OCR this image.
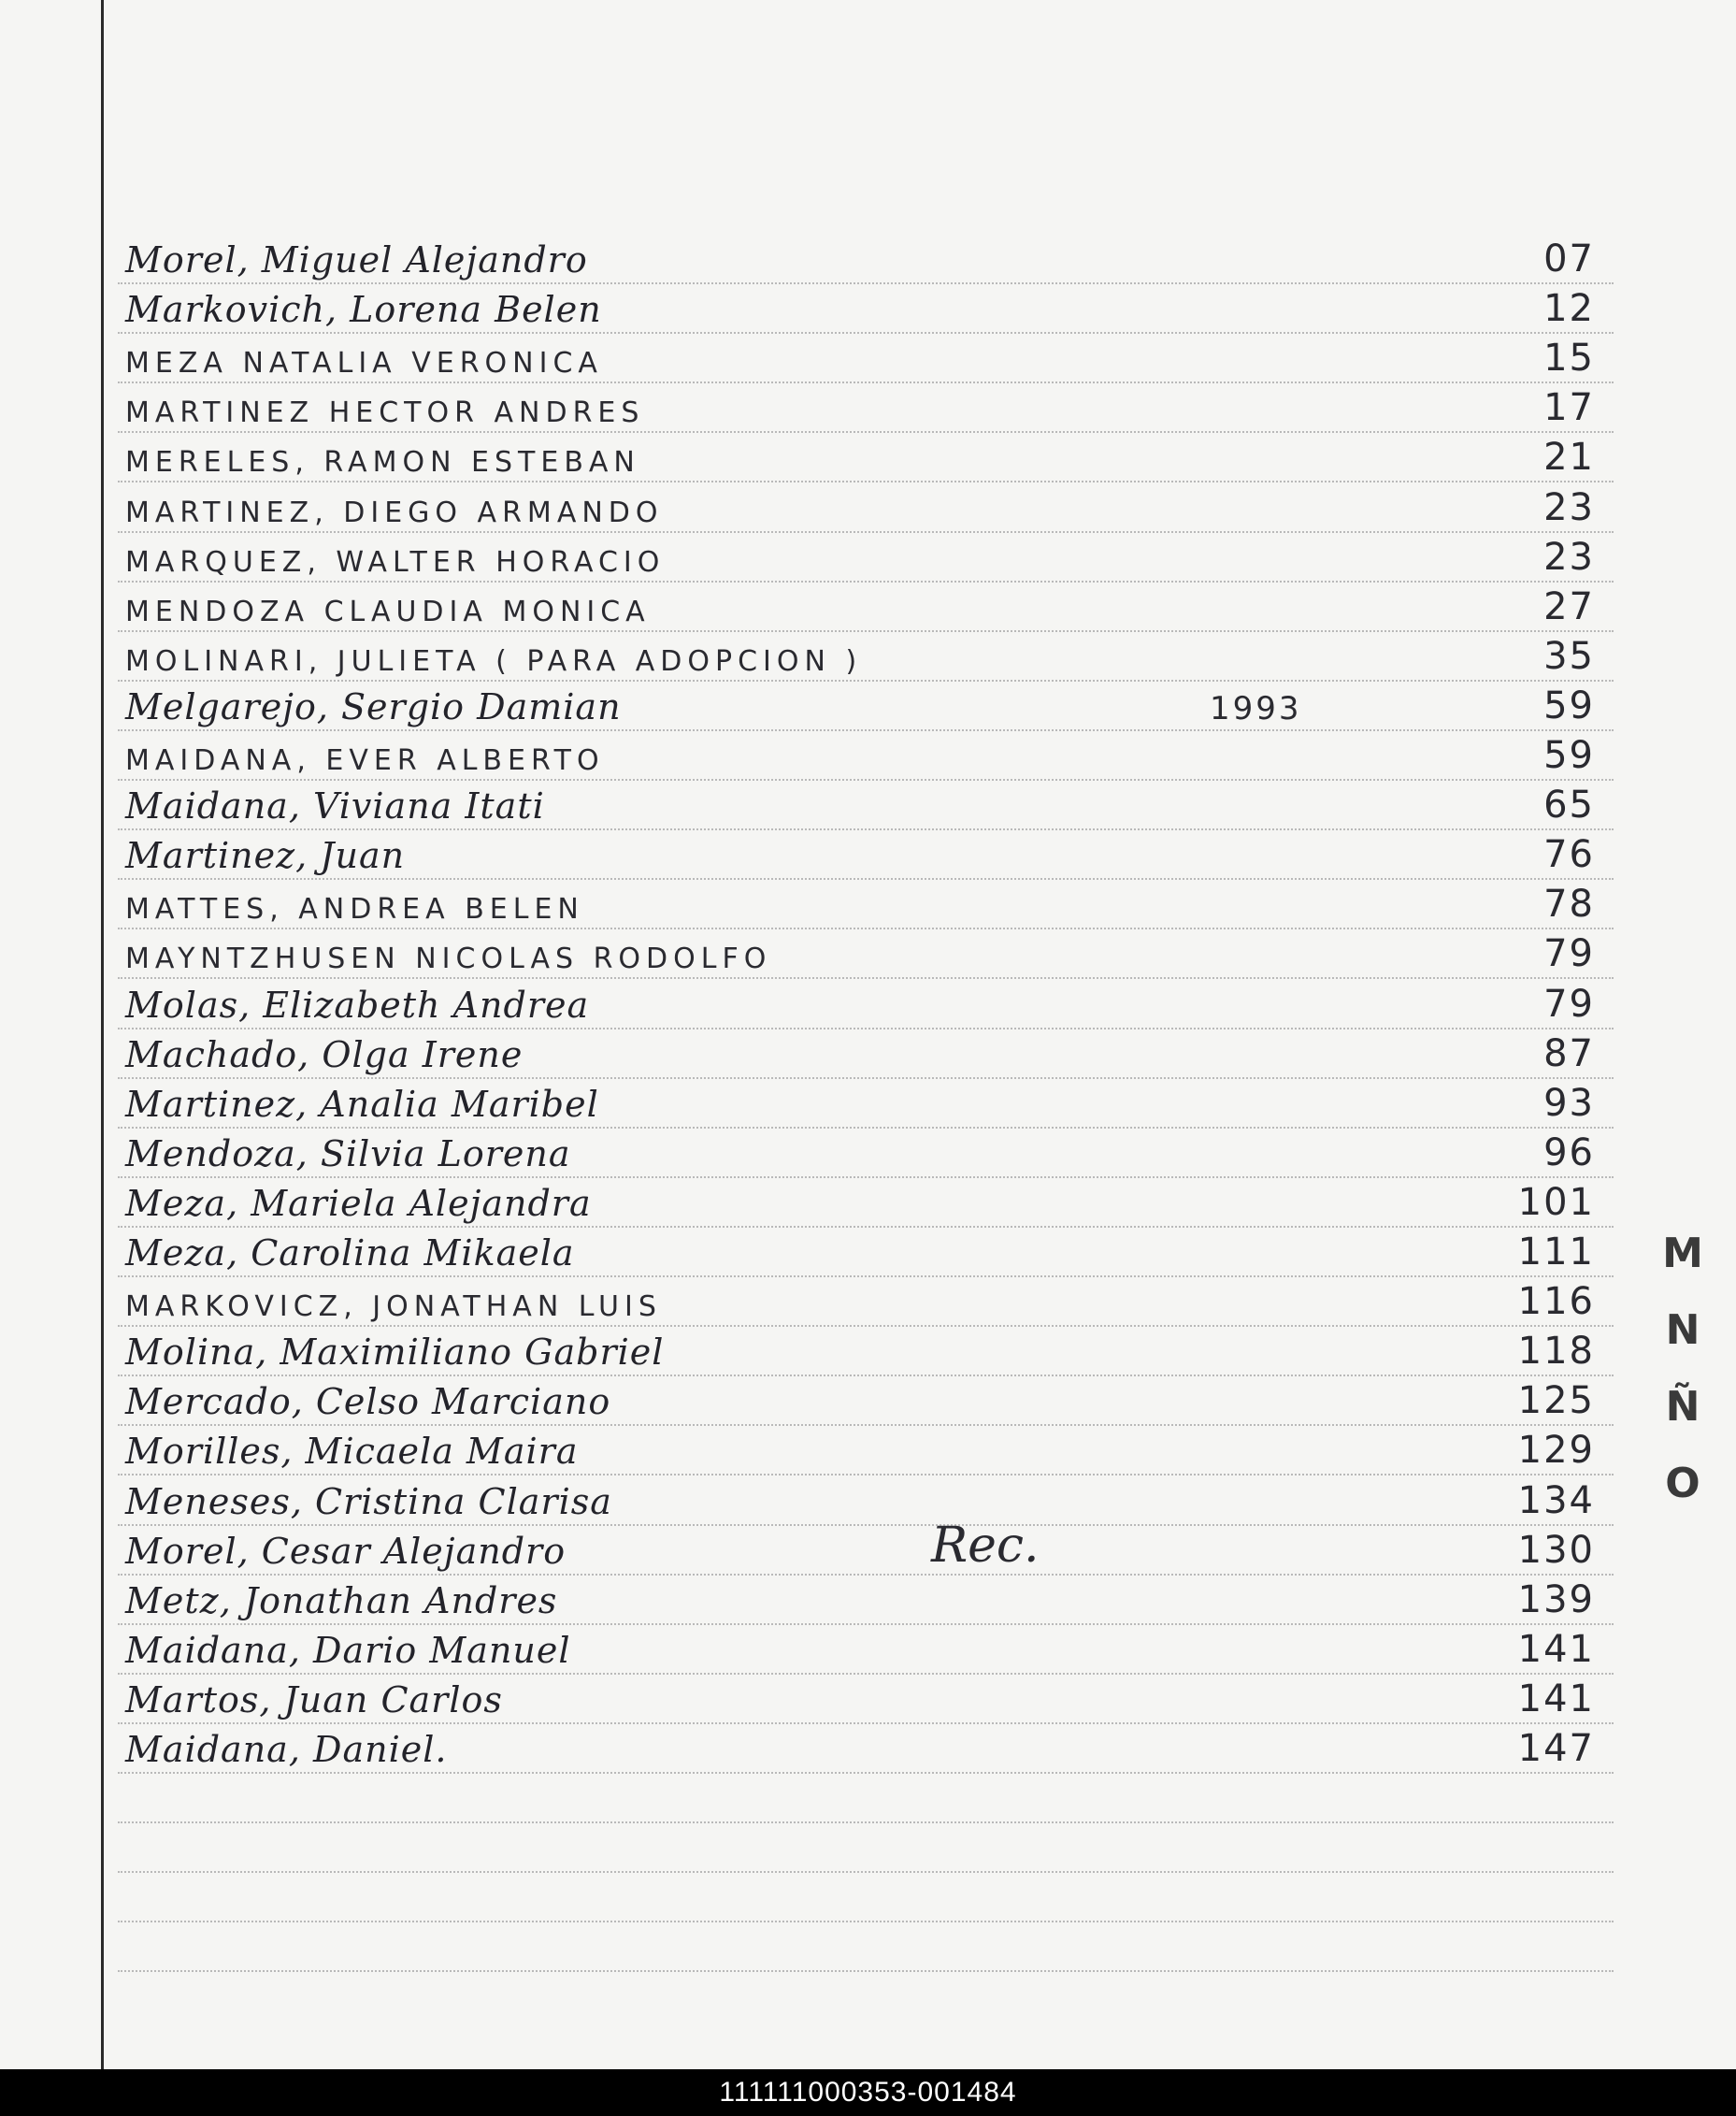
Morel, Miguel Alejandro	07
Markovich, Lorena Belen	12
MEZA NATALIA VERONICA	15
MARTINEZ HECTOR ANDRES	17
MERELES, RAMON ESTEBAN	21
MARTINEZ, DIEGO ARMANDO	23
MARQUEZ, WALTER HORACIO	23
MENDOZA CLAUDIA MONICA	27
MOLINARI, JULIETA ( PARA ADOPCION )	35
Melgarejo, Sergio Damian	1993	59
MAIDANA, EVER ALBERTO	59
Maidana, Viviana Itati	65
Martinez, Juan	76
MATTES, ANDREA BELEN	78
MAYNTZHUSEN NICOLAS RODOLFO	79
Molas, Elizabeth Andrea	79
Machado, Olga Irene	87
Martinez, Analia Maribel	93
Mendoza, Silvia Lorena	96
Meza, Mariela Alejandra	101
Meza, Carolina Mikaela	111
MARKOVICZ, JONATHAN LUIS	116
Molina, Maximiliano Gabriel	118
Mercado, Celso Marciano	125
Morilles, Micaela Maira	129
Meneses, Cristina Clarisa	134
Morel, Cesar Alejandro	Rec.	130
Metz, Jonathan Andres	139
Maidana, Dario Manuel	141
Martos, Juan Carlos	141
Maidana, Daniel.	147
M
N
Ñ
O
111111000353-001484
